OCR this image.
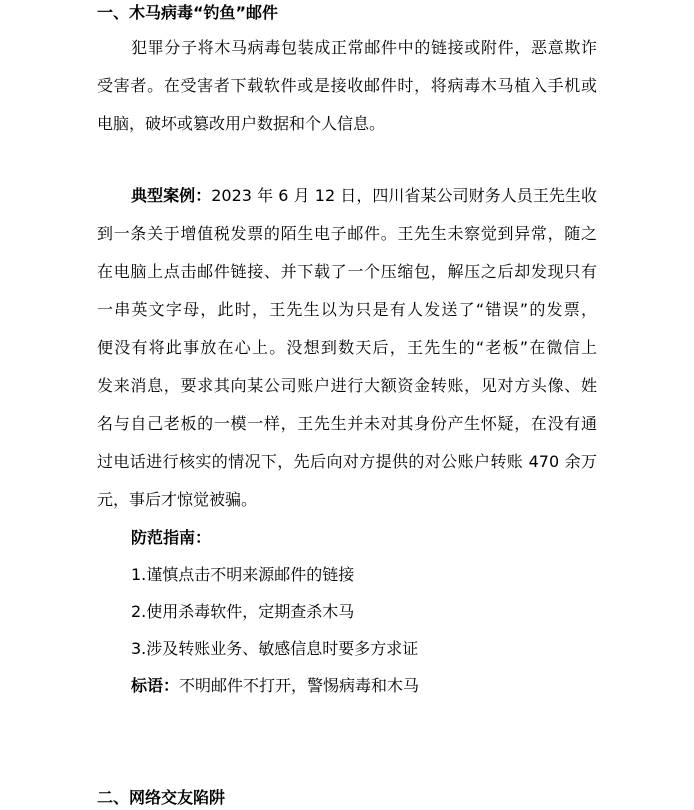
一、木马病毒“钓鱼”邮件
犯罪分子将木马病毒包装成正常邮件中的链接或附件，恶意欺诈
受害者。在受害者下载软件或是接收邮件时，将病毒木马植入手机或
电脑，破坏或篡改用户数据和个人信息。
典型案例：2023 年 6 月 12 日，四川省某公司财务人员王先生收
到一条关于增值税发票的陌生电子邮件。王先生未察觉到异常，随之
在电脑上点击邮件链接、并下载了一个压缩包，解压之后却发现只有
一串英文字母，此时，王先生以为只是有人发送了“错误”的发票，
便没有将此事放在心上。没想到数天后，王先生的“老板”在微信上
发来消息，要求其向某公司账户进行大额资金转账，见对方头像、姓
名与自己老板的一模一样，王先生并未对其身份产生怀疑，在没有通
过电话进行核实的情况下，先后向对方提供的对公账户转账 470 余万
元，事后才惊觉被骗。
防范指南：
1.谨慎点击不明来源邮件的链接
2.使用杀毒软件，定期查杀木马
3.涉及转账业务、敏感信息时要多方求证
标语：不明邮件不打开，警惕病毒和木马
二、网络交友陷阱
